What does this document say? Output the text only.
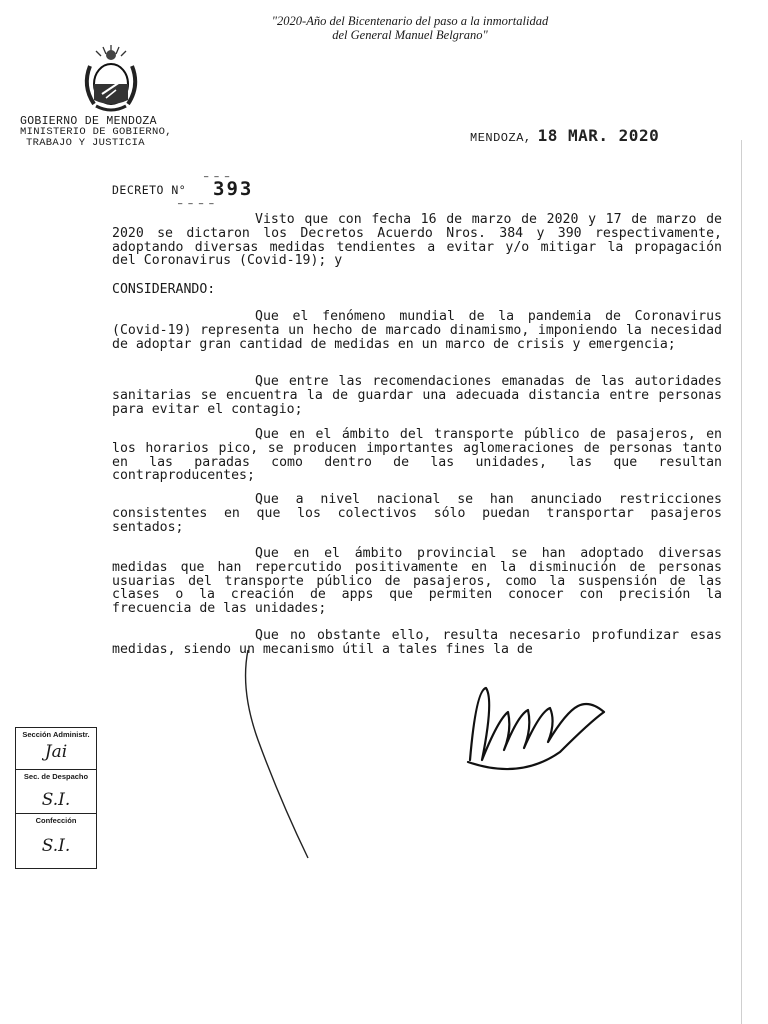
"2020-Año del Bicentenario del paso a la inmortalidad
del General Manuel Belgrano"
GOBIERNO DE MENDOZA
MINISTERIO DE GOBIERNO,
TRABAJO Y JUSTICIA	MENDOZA, 18 MAR. 2020
━ ━ ━
DECRETO N° 393
━ ━ ━ ━
Visto que con fecha 16 de marzo de 2020 y 17 de marzo de 2020 se dictaron los Decretos Acuerdo Nros. 384 y 390 respectivamente, adoptando diversas medidas tendientes a evitar y/o mitigar la propagación del Coronavirus (Covid-19); y
CONSIDERANDO:
Que el fenómeno mundial de la pandemia de Coronavirus (Covid-19) representa un hecho de marcado dinamismo, imponiendo la necesidad de adoptar gran cantidad de medidas en un marco de crisis y emergencia;
Que entre las recomendaciones emanadas de las autoridades sanitarias se encuentra la de guardar una adecuada distancia entre personas para evitar el contagio;
Que en el ámbito del transporte público de pasajeros, en los horarios pico, se producen importantes aglomeraciones de personas tanto en las paradas como dentro de las unidades, las que resultan contraproducentes;
Que a nivel nacional se han anunciado restricciones consistentes en que los colectivos sólo puedan transportar pasajeros sentados;
Que en el ámbito provincial se han adoptado diversas medidas que han repercutido positivamente en la disminución de personas usuarias del transporte público de pasajeros, como la suspensión de las clases o la creación de apps que permiten conocer con precisión la frecuencia de las unidades;
Que no obstante ello, resulta necesario profundizar esas medidas, siendo un mecanismo útil a tales fines la de
Sección Administr.
Jai
Sec. de Despacho
S.I.
Confección
S.I.
